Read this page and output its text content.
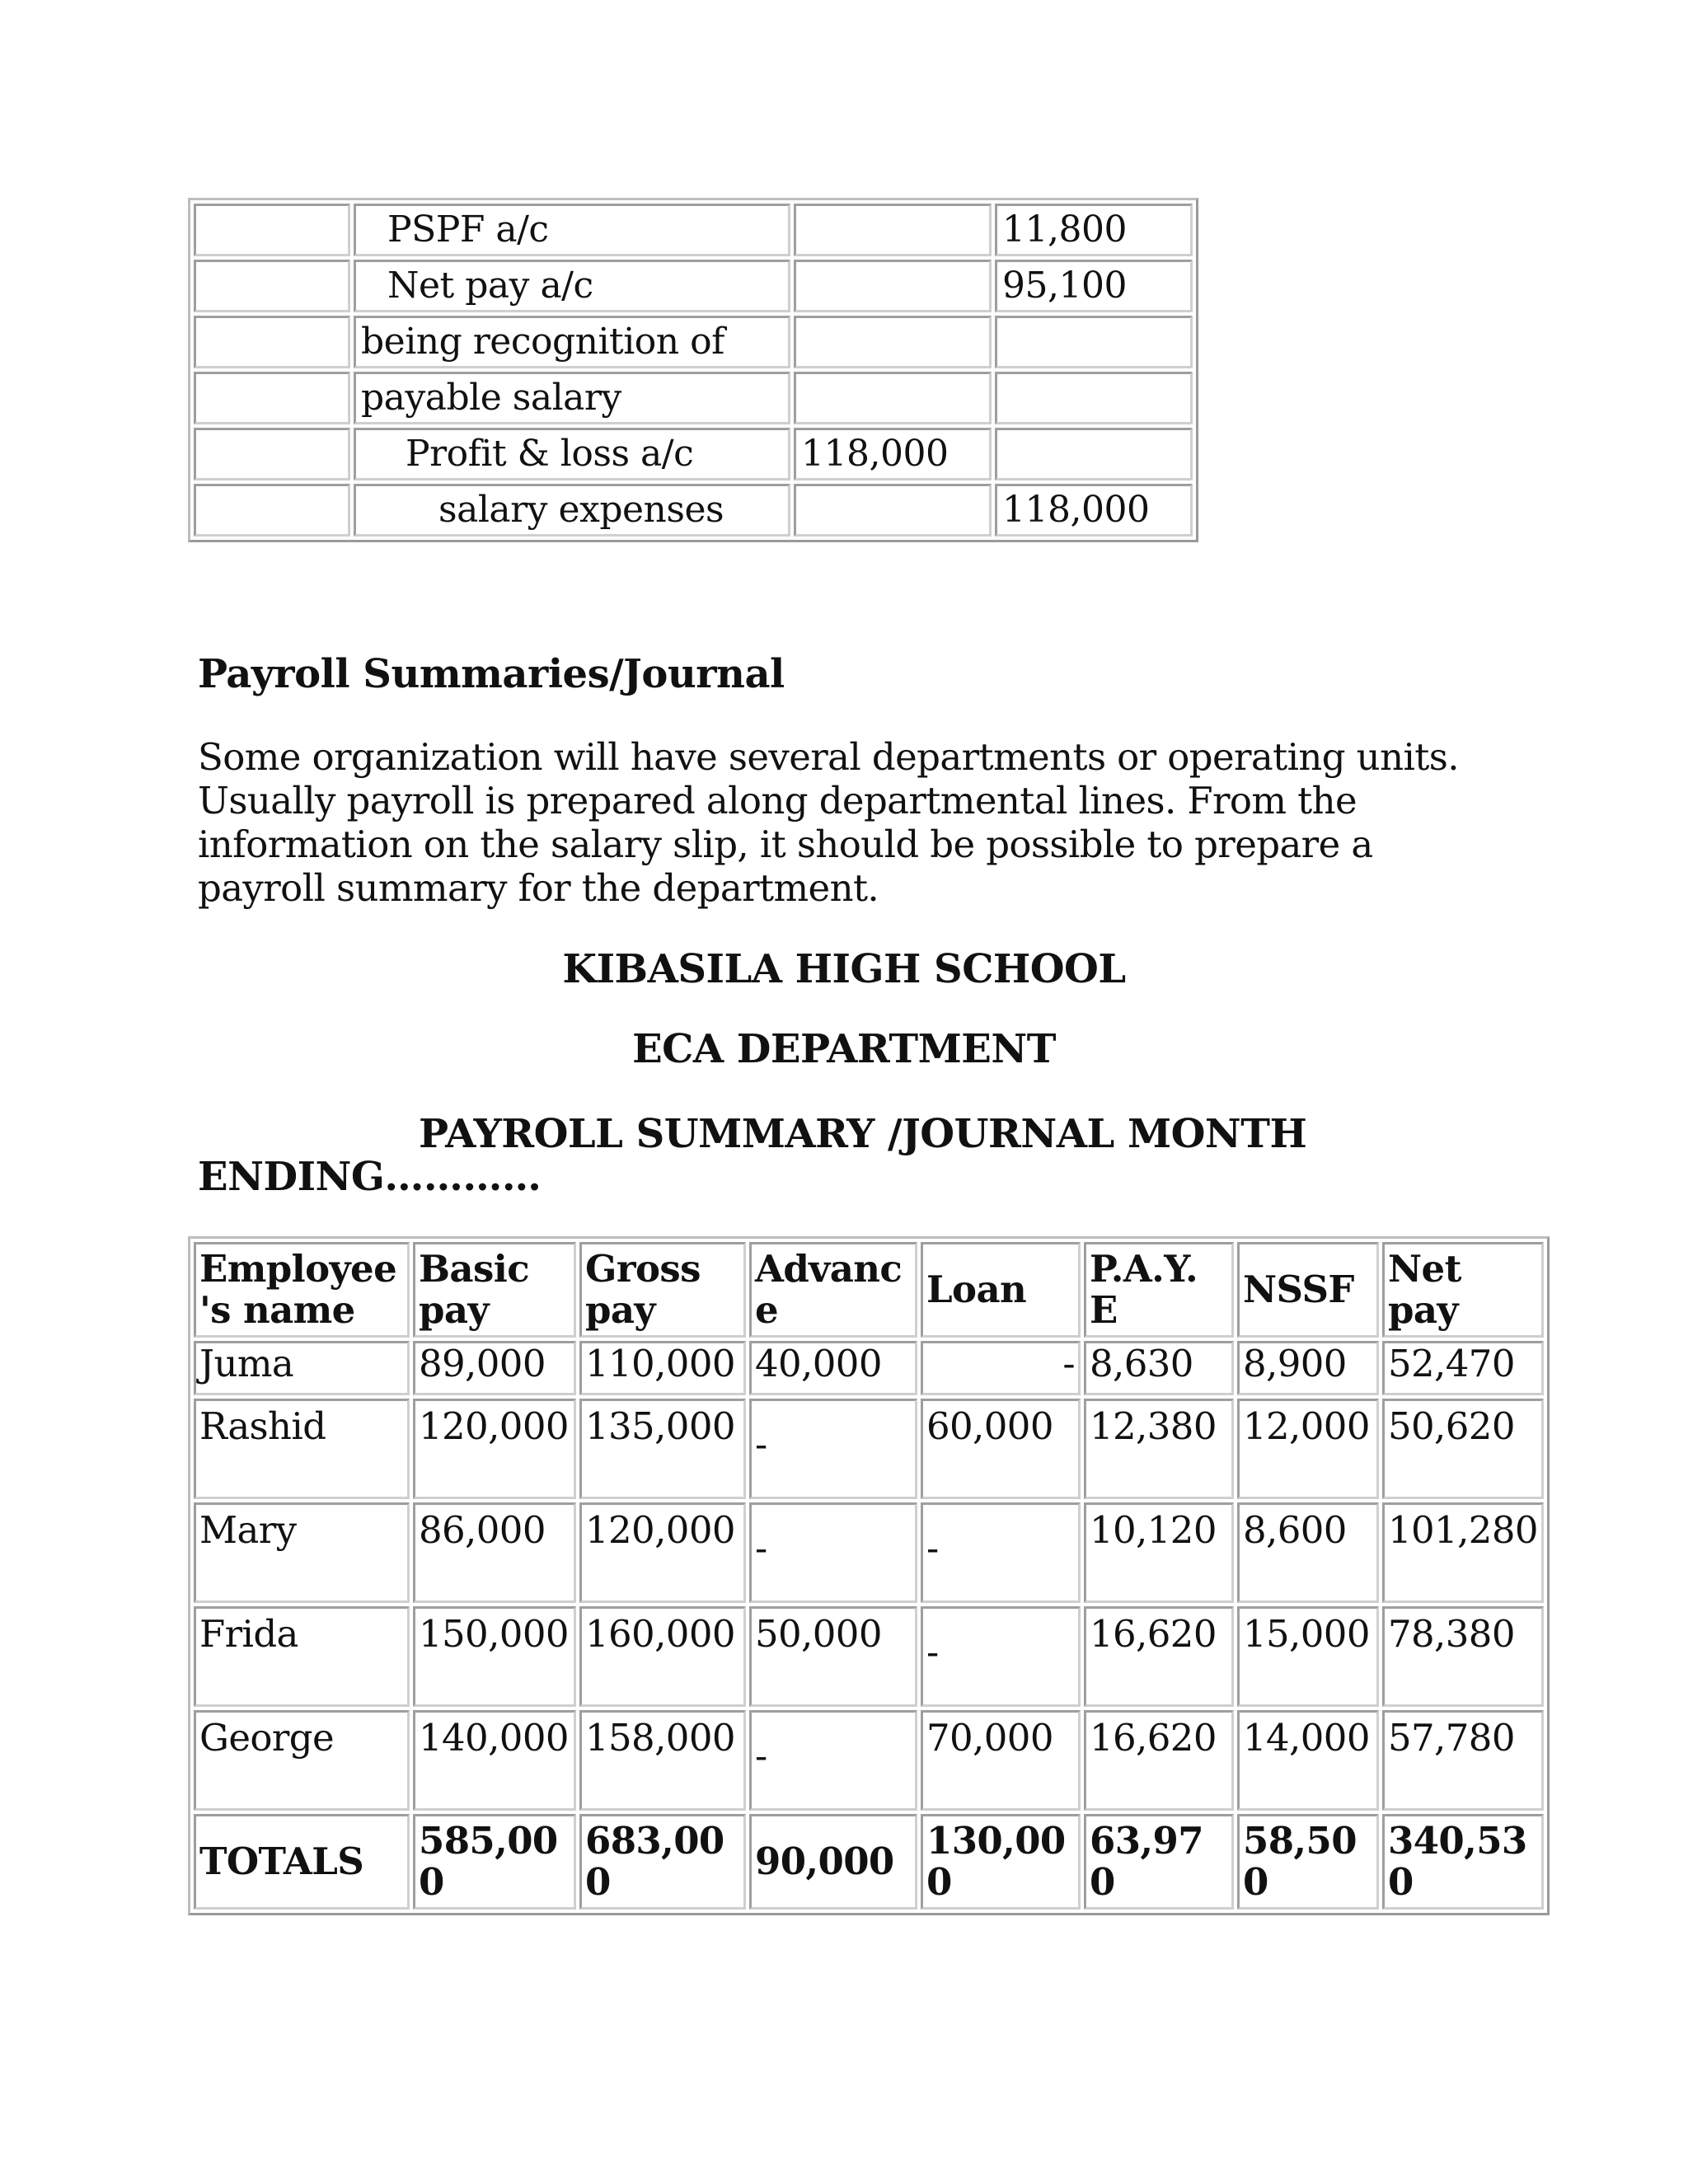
	PSPF a/c		11,800
	Net pay a/c		95,100
	being recognition of		
	payable salary		
	Profit & loss a/c	118,000	
	salary expenses		118,000
Payroll Summaries/Journal
Some organization will have several departments or operating units. Usually payroll is prepared along departmental lines. From the information on the salary slip, it should be possible to prepare a payroll summary for the department.
KIBASILA HIGH SCHOOL
ECA DEPARTMENT
PAYROLL SUMMARY /JOURNAL MONTH
ENDING…………
Employee 's name	Basic pay	Gross pay	Advanc e	Loan	P.A.Y. E	NSSF	Net pay
Juma	89,000	110,000	40,000	-	8,630	8,900	52,470
Rashid	120,000	135,000	-	60,000	12,380	12,000	50,620
Mary	86,000	120,000	-	-	10,120	8,600	101,280
Frida	150,000	160,000	50,000	-	16,620	15,000	78,380
George	140,000	158,000	-	70,000	16,620	14,000	57,780
TOTALS	585,000	683,000	90,000	130,000	63,970	58,500	340,530
